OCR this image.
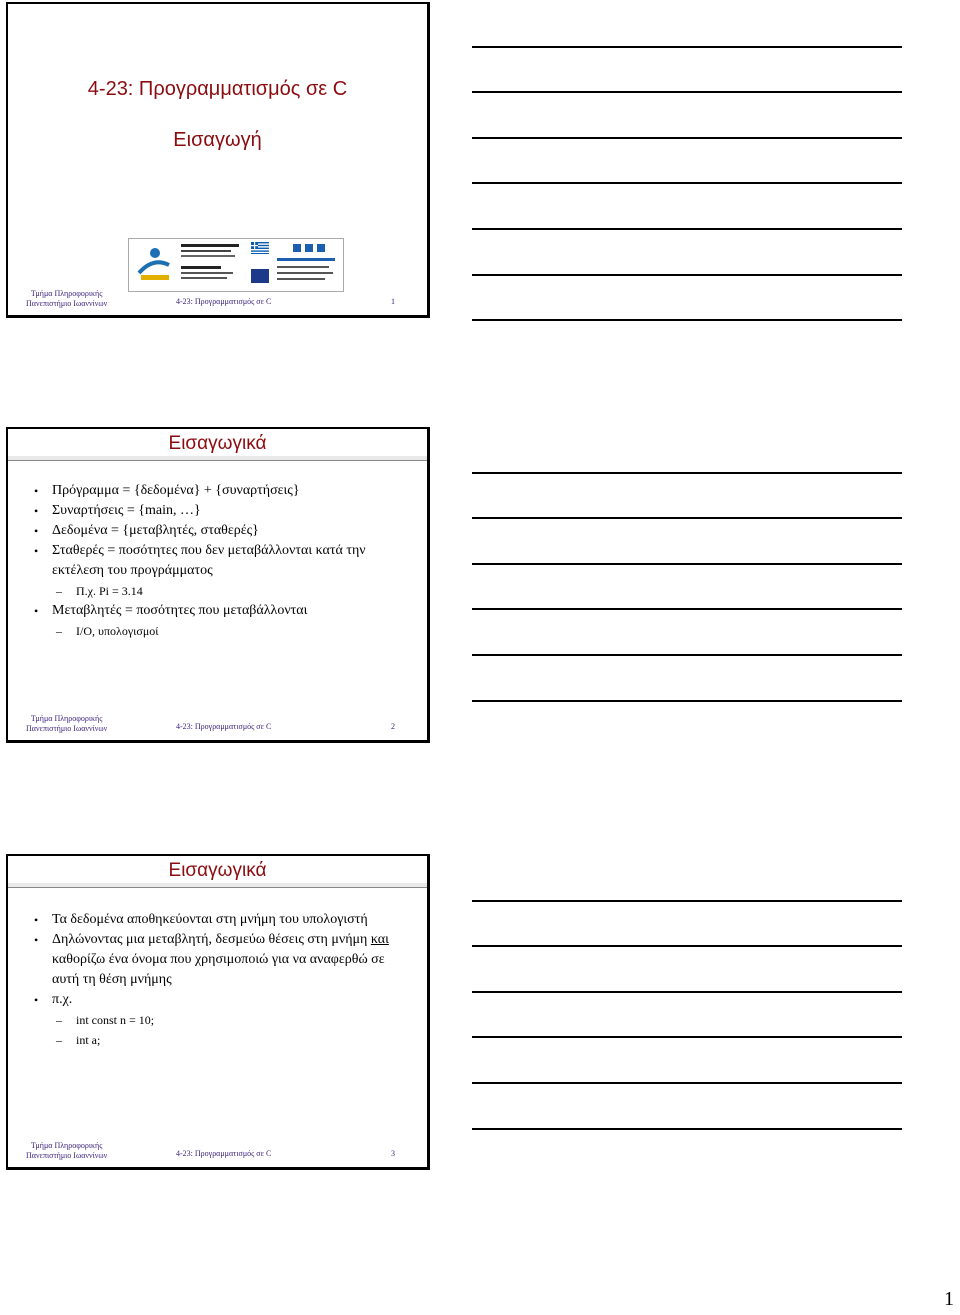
4-23: Προγραμματισμός σε C
Εισαγωγή
Τμήμα Πληροφορικής
Πανεπιστήμιο Ιωαννίνων	4-23: Προγραμματισμός σε C	1
Εισαγωγικά
• Πρόγραμμα = {δεδομένα} + {συναρτήσεις}
• Συναρτήσεις = {main, …}
• Δεδομένα = {μεταβλητές, σταθερές}
• Σταθερές = ποσότητες που δεν μεταβάλλονται κατά την εκτέλεση του προγράμματος
– Π.χ. Pi = 3.14
• Μεταβλητές = ποσότητες που μεταβάλλονται
– I/O, υπολογισμοί
Τμήμα Πληροφορικής
Πανεπιστήμιο Ιωαννίνων	4-23: Προγραμματισμός σε C	2
Εισαγωγικά
• Τα δεδομένα αποθηκεύονται στη μνήμη του υπολογιστή
• Δηλώνοντας μια μεταβλητή, δεσμεύω θέσεις στη μνήμη και καθορίζω ένα όνομα που χρησιμοποιώ για να αναφερθώ σε αυτή τη θέση μνήμης
• π.χ.
– int const n = 10;
– int a;
Τμήμα Πληροφορικής
Πανεπιστήμιο Ιωαννίνων	4-23: Προγραμματισμός σε C	3
1
